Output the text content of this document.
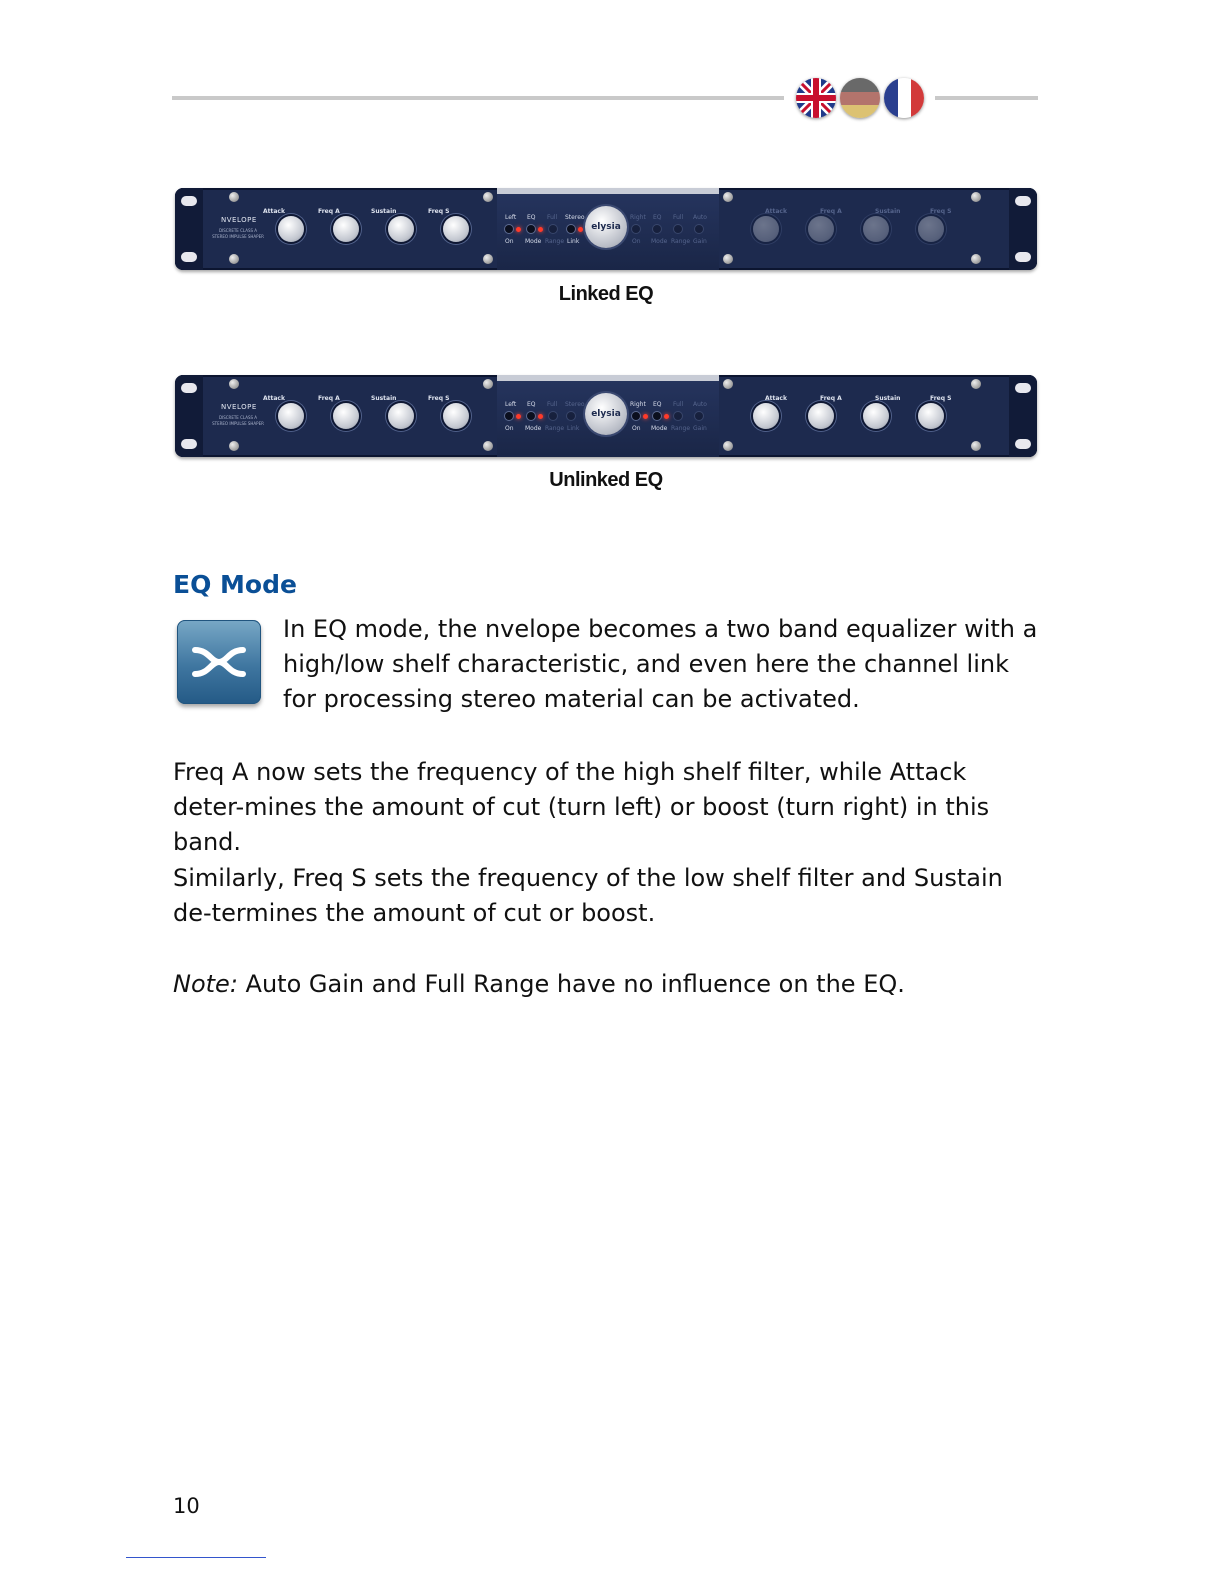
NVELOPE
DISCRETE CLASS A
STEREO IMPULSE SHAPER
Attack	Freq A	Sustain	Freq S
Left EQ Full Stereo
On Mode Range Link
elysia
Right EQ Full Auto
On Mode Range Gain
Attack	Freq A	Sustain	Freq S
Linked EQ
NVELOPE
DISCRETE CLASS A
STEREO IMPULSE SHAPER
Attack	Freq A	Sustain	Freq S
Left EQ Full Stereo
On Mode Range Link
elysia
Right EQ Full Auto
On Mode Range Gain
Attack	Freq A	Sustain	Freq S
Unlinked EQ
EQ Mode
In EQ mode, the nvelope becomes a two band equalizer with a high/low shelf characteristic, and even here the channel link for processing stereo material can be activated.

Freq A now sets the frequency of the high shelf filter, while Attack deter-mines the amount of cut (turn left) or boost (turn right) in this band.

Similarly, Freq S sets the frequency of the low shelf filter and Sustain de-termines the amount of cut or boost.

Note: Auto Gain and Full Range have no influence on the EQ.

10
